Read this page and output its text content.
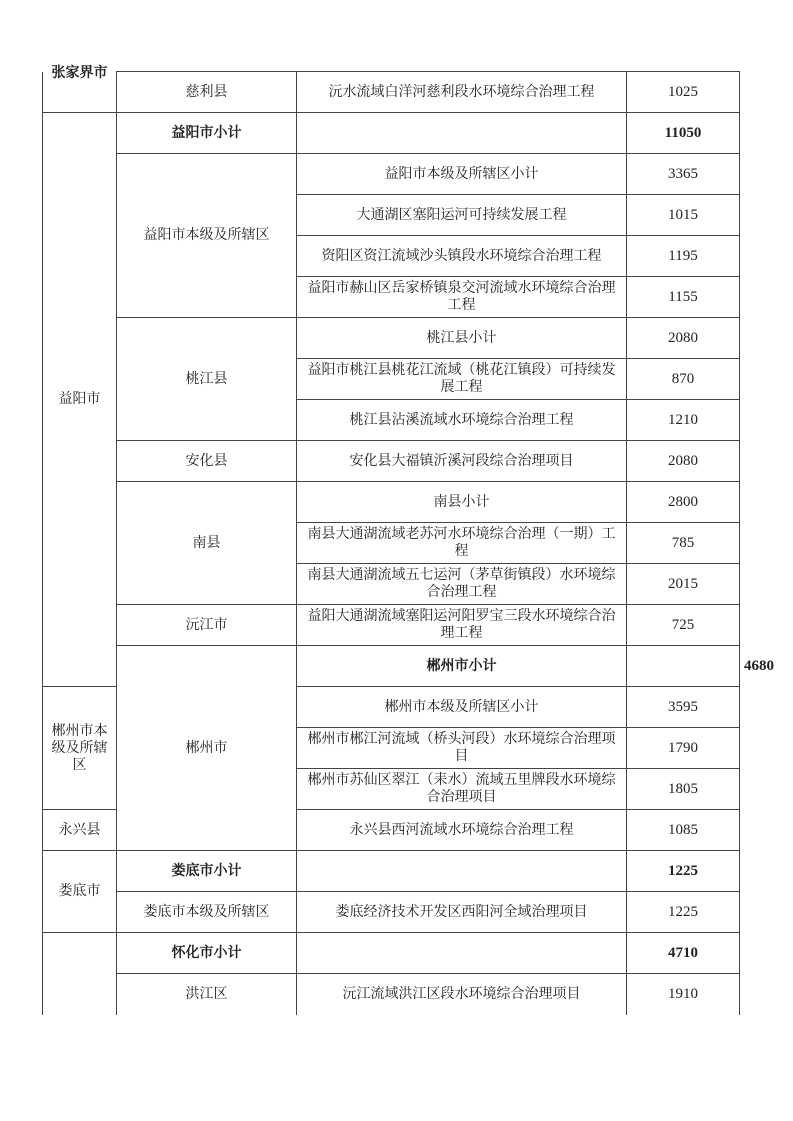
张家界市	慈利县	沅水流域白洋河慈利段水环境综合治理工程	1025	
益阳市	益阳市小计		11050	
	益阳市本级及所辖区	益阳市本级及所辖区小计	3365	
		大通湖区塞阳运河可持续发展工程	1015	
		资阳区资江流域沙头镇段水环境综合治理工程	1195	
		益阳市赫山区岳家桥镇泉交河流域水环境综合治理工程	1155	
	桃江县	桃江县小计	2080	
		益阳市桃江县桃花江流域（桃花江镇段）可持续发展工程	870	
		桃江县沾溪流域水环境综合治理工程	1210	
	安化县	安化县大福镇沂溪河段综合治理项目	2080	
	南县	南县小计	2800	
		南县大通湖流域老苏河水环境综合治理（一期）工程	785	
		南县大通湖流域五七运河（茅草街镇段）水环境综合治理工程	2015	
	沅江市	益阳大通湖流域塞阳运河阳罗宝三段水环境综合治理工程	725	
	郴州市	郴州市小计		4680
郴州市本级及所辖区		郴州市本级及所辖区小计	3595	
		郴州市郴江河流域（桥头河段）水环境综合治理项目	1790	
		郴州市苏仙区翠江（耒水）流域五里牌段水环境综合治理项目	1805	
永兴县		永兴县西河流域水环境综合治理工程	1085	
娄底市	娄底市小计		1225	
	娄底市本级及所辖区	娄底经济技术开发区西阳河全域治理项目	1225	
	怀化市小计		4710	
	洪江区	沅江流域洪江区段水环境综合治理项目	1910	
